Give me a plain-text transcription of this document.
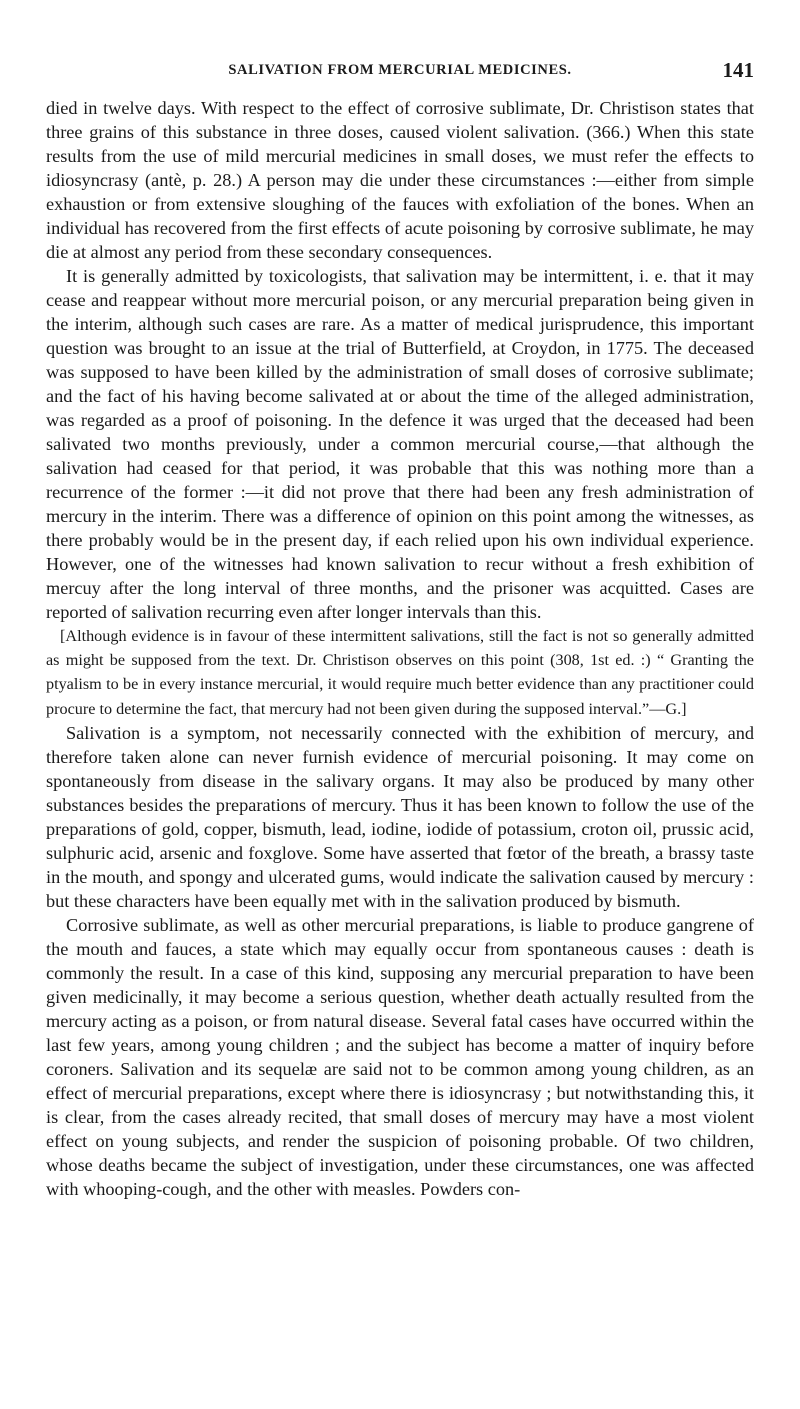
SALIVATION FROM MERCURIAL MEDICINES.	141

died in twelve days. With respect to the effect of corrosive sublimate, Dr. Christison states that three grains of this substance in three doses, caused violent salivation. (366.) When this state results from the use of mild mercurial medicines in small doses, we must refer the effects to idiosyncrasy (antè, p. 28.) A person may die under these circumstances :—either from simple exhaustion or from extensive sloughing of the fauces with exfoliation of the bones. When an individual has recovered from the first effects of acute poisoning by corrosive sublimate, he may die at almost any period from these secondary consequences.

It is generally admitted by toxicologists, that salivation may be intermittent, i. e. that it may cease and reappear without more mercurial poison, or any mercurial preparation being given in the interim, although such cases are rare. As a matter of medical jurisprudence, this important question was brought to an issue at the trial of Butterfield, at Croydon, in 1775. The deceased was supposed to have been killed by the administration of small doses of corrosive sublimate; and the fact of his having become salivated at or about the time of the alleged administration, was regarded as a proof of poisoning. In the defence it was urged that the deceased had been salivated two months previously, under a common mercurial course,—that although the salivation had ceased for that period, it was probable that this was nothing more than a recurrence of the former :—it did not prove that there had been any fresh administration of mercury in the interim. There was a difference of opinion on this point among the witnesses, as there probably would be in the present day, if each relied upon his own individual experience. However, one of the witnesses had known salivation to recur without a fresh exhibition of mercuy after the long interval of three months, and the prisoner was acquitted. Cases are reported of salivation recurring even after longer intervals than this.

[Although evidence is in favour of these intermittent salivations, still the fact is not so generally admitted as might be supposed from the text. Dr. Christison observes on this point (308, 1st ed. :) “ Granting the ptyalism to be in every instance mercurial, it would require much better evidence than any practitioner could procure to determine the fact, that mercury had not been given during the supposed interval.”—G.]

Salivation is a symptom, not necessarily connected with the exhibition of mercury, and therefore taken alone can never furnish evidence of mercurial poisoning. It may come on spontaneously from disease in the salivary organs. It may also be produced by many other substances besides the preparations of mercury. Thus it has been known to follow the use of the preparations of gold, copper, bismuth, lead, iodine, iodide of potassium, croton oil, prussic acid, sulphuric acid, arsenic and foxglove. Some have asserted that fœtor of the breath, a brassy taste in the mouth, and spongy and ulcerated gums, would indicate the salivation caused by mercury : but these characters have been equally met with in the salivation produced by bismuth.

Corrosive sublimate, as well as other mercurial preparations, is liable to produce gangrene of the mouth and fauces, a state which may equally occur from spontaneous causes : death is commonly the result. In a case of this kind, supposing any mercurial preparation to have been given medicinally, it may become a serious question, whether death actually resulted from the mercury acting as a poison, or from natural disease. Several fatal cases have occurred within the last few years, among young children ; and the subject has become a matter of inquiry before coroners. Salivation and its sequelæ are said not to be common among young children, as an effect of mercurial preparations, except where there is idiosyncrasy ; but notwithstanding this, it is clear, from the cases already recited, that small doses of mercury may have a most violent effect on young subjects, and render the suspicion of poisoning probable. Of two children, whose deaths became the subject of investigation, under these circumstances, one was affected with whooping-cough, and the other with measles. Powders con-
